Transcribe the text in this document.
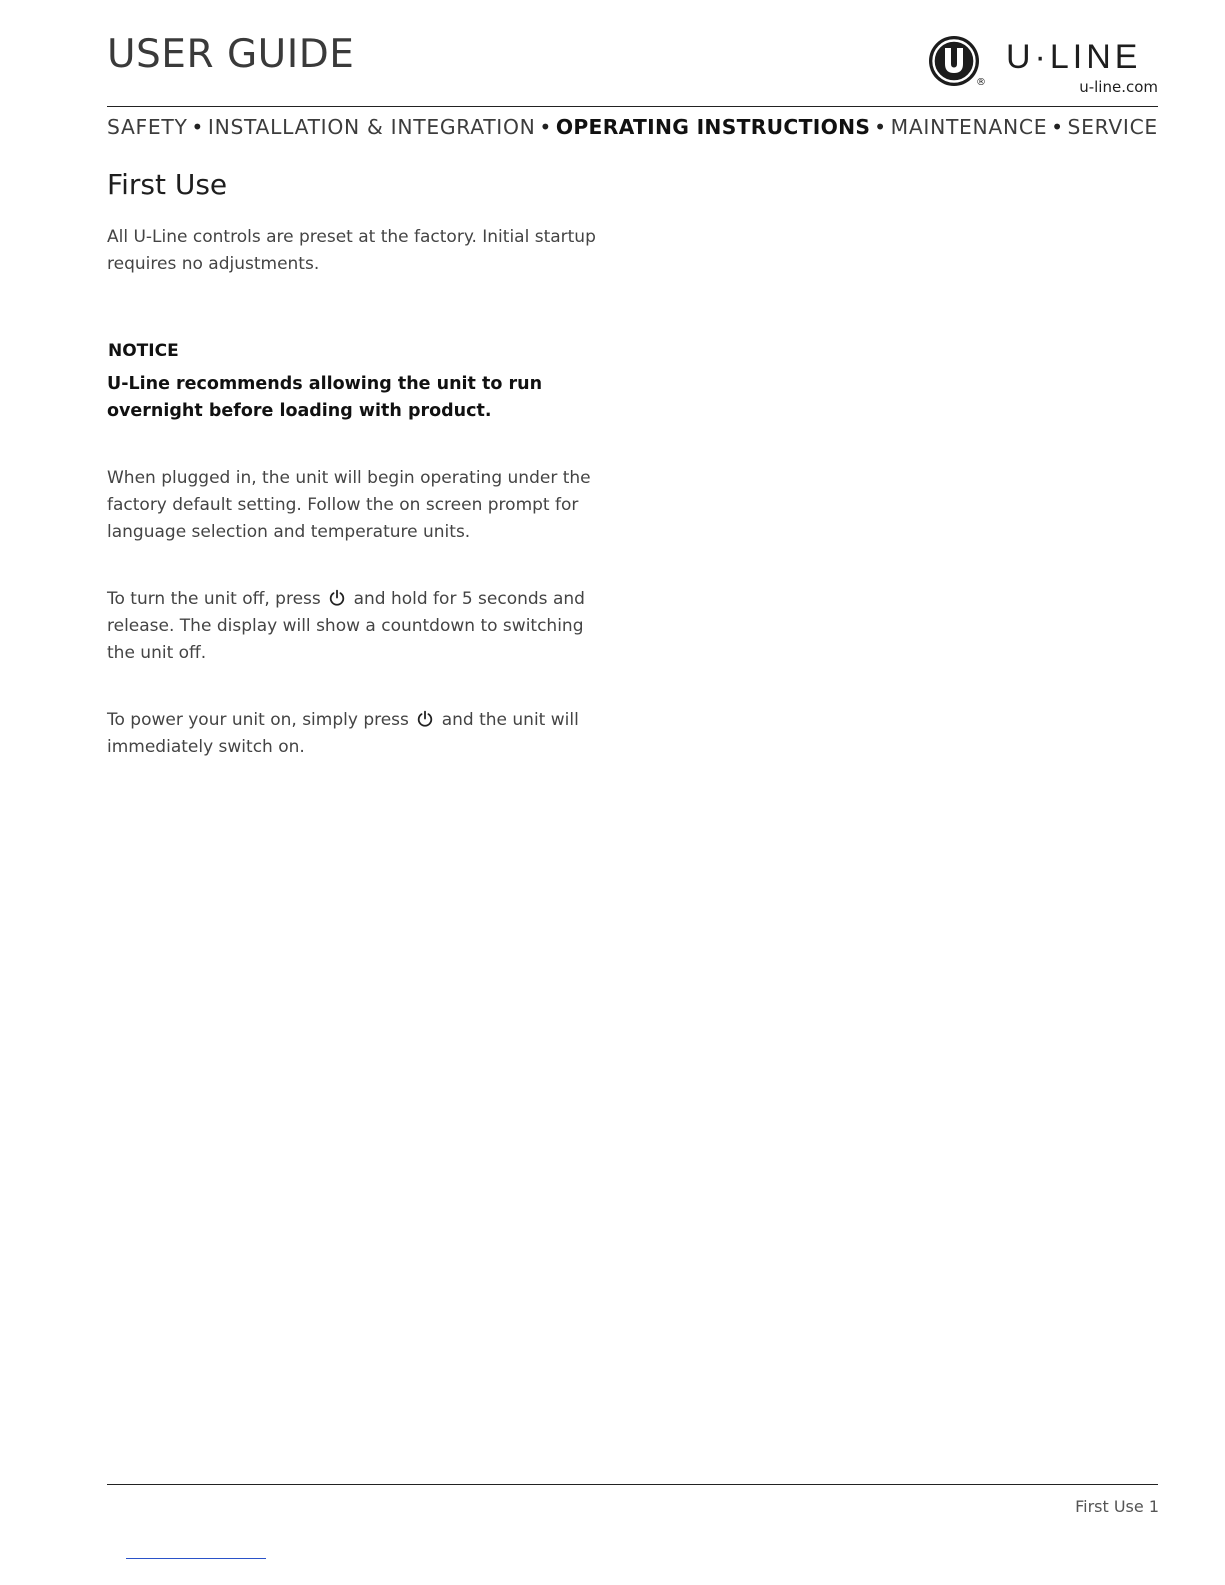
USER GUIDE
®
U·LINE
u-line.com
SAFETY • INSTALLATION & INTEGRATION • OPERATING INSTRUCTIONS • MAINTENANCE • SERVICE
First Use

All U-Line controls are preset at the factory. Initial startup requires no adjustments.

NOTICE

U-Line recommends allowing the unit to run overnight before loading with product.

When plugged in, the unit will begin operating under the factory default setting. Follow the on screen prompt for language selection and temperature units.

To turn the unit off, press and hold for 5 seconds and release. The display will show a countdown to switching the unit off.

To power your unit on, simply press and the unit will immediately switch on.

First Use 1
